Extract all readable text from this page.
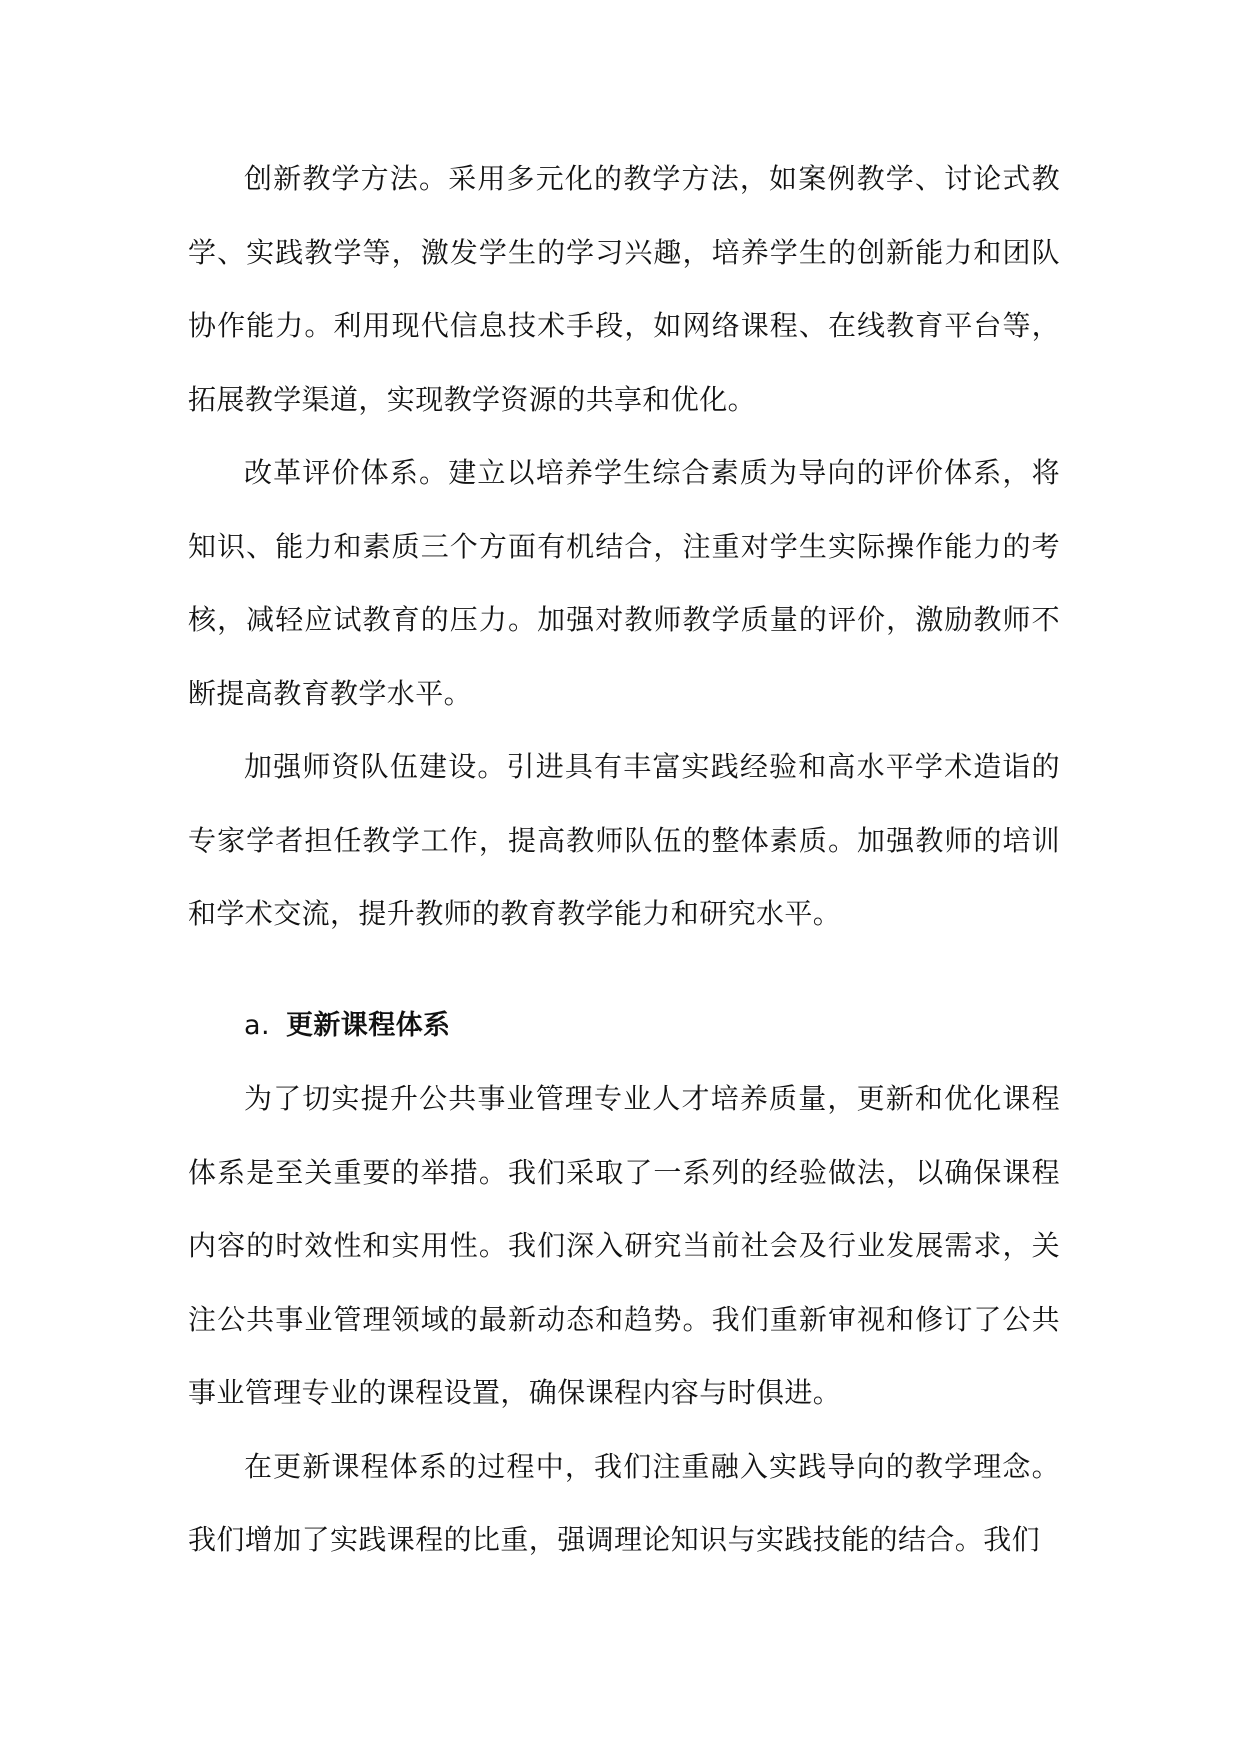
创新教学方法。采用多元化的教学方法，如案例教学、讨论式教学、实践教学等，激发学生的学习兴趣，培养学生的创新能力和团队协作能力。利用现代信息技术手段，如网络课程、在线教育平台等，拓展教学渠道，实现教学资源的共享和优化。

改革评价体系。建立以培养学生综合素质为导向的评价体系，将知识、能力和素质三个方面有机结合，注重对学生实际操作能力的考核，减轻应试教育的压力。加强对教师教学质量的评价，激励教师不断提高教育教学水平。

加强师资队伍建设。引进具有丰富实践经验和高水平学术造诣的专家学者担任教学工作，提高教师队伍的整体素质。加强教师的培训和学术交流，提升教师的教育教学能力和研究水平。

a. 更新课程体系

为了切实提升公共事业管理专业人才培养质量，更新和优化课程体系是至关重要的举措。我们采取了一系列的经验做法，以确保课程内容的时效性和实用性。我们深入研究当前社会及行业发展需求，关注公共事业管理领域的最新动态和趋势。我们重新审视和修订了公共事业管理专业的课程设置，确保课程内容与时俱进。

在更新课程体系的过程中，我们注重融入实践导向的教学理念。我们增加了实践课程的比重，强调理论知识与实践技能的结合。我们
